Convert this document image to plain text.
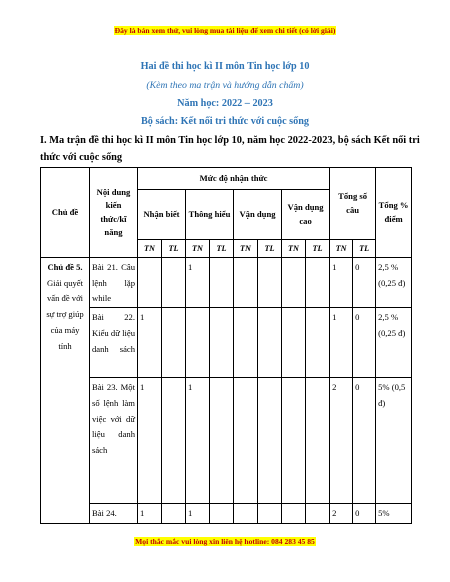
Đây là bản xem thử, vui lòng mua tài liệu để xem chi tiết (có lời giải)
Hai đề thi học kì II môn Tin học lớp 10
(Kèm theo ma trận và hướng dẫn chấm)
Năm học: 2022 – 2023
Bộ sách: Kết nối tri thức với cuộc sống
I. Ma trận đề thi học kì II môn Tin học lớp 10, năm học 2022-2023, bộ sách Kết nối tri thức với cuộc sống
Chủ đề	Nội dung kiến thức/kĩ năng	Mức độ nhận thức								Tổng số câu		Tổng % điểm
		Nhận biết		Thông hiểu		Vận dụng		Vận dụng cao				
		TN	TL	TN	TL	TN	TL	TN	TL	TN	TL	
Chủ đề 5. Giải quyết vấn đề với sự trợ giúp của máy tính	Bài 21. Câu lệnh lặp while			1						1	0	2,5 % (0,25 đ)
	Bài 22. Kiểu dữ liệu danh sách	1								1	0	2,5 % (0,25 đ)
	Bài 23. Một số lệnh làm việc với dữ liệu danh sách	1		1						2	0	5% (0,5 đ)
	Bài 24.	1		1						2	0	5%
Mọi thắc mắc vui lòng xin liên hệ hotline: 084 283 45 85
